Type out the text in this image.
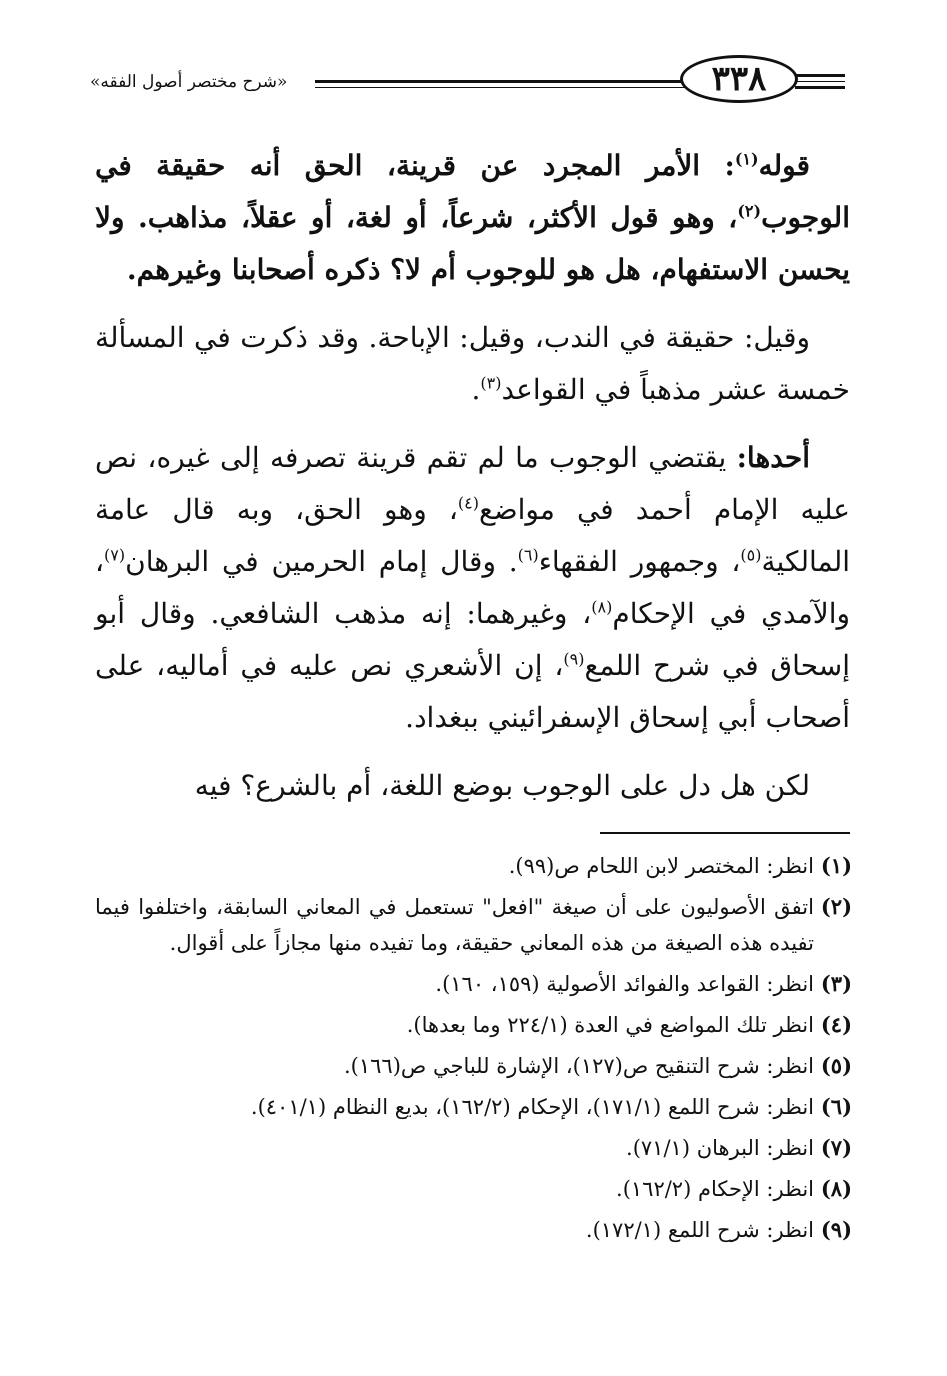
«شرح مختصر أصول الفقه»	٣٣٨

قوله$^{(١)}$: الأمر المجرد عن قرينة، الحق أنه حقيقة في الوجوب$^{(٢)}$، وهو قول الأكثر، شرعاً، أو لغة، أو عقلاً، مذاهب. ولا يحسن الاستفهام، هل هو للوجوب أم لا؟ ذكره أصحابنا وغيرهم.

وقيل: حقيقة في الندب، وقيل: الإباحة. وقد ذكرت في المسألة خمسة عشر مذهباً في القواعد$^{(٣)}$.

أحدها: يقتضي الوجوب ما لم تقم قرينة تصرفه إلى غيره، نص عليه الإمام أحمد في مواضع$^{(٤)}$، وهو الحق، وبه قال عامة المالكية$^{(٥)}$، وجمهور الفقهاء$^{(٦)}$. وقال إمام الحرمين في البرهان$^{(٧)}$، والآمدي في الإحكام$^{(٨)}$، وغيرهما: إنه مذهب الشافعي. وقال أبو إسحاق في شرح اللمع$^{(٩)}$، إن الأشعري نص عليه في أماليه، على أصحاب أبي إسحاق الإسفرائيني ببغداد.

لكن هل دل على الوجوب بوضع اللغة، أم بالشرع؟ فيه

(١)
انظر: المختصر لابن اللحام ص(٩٩).
(٢)
اتفق الأصوليون على أن صيغة "افعل" تستعمل في المعاني السابقة، واختلفوا فيما تفيده هذه الصيغة من هذه المعاني حقيقة، وما تفيده منها مجازاً على أقوال.
(٣)
انظر: القواعد والفوائد الأصولية (١٥٩، ١٦٠).
(٤)
انظر تلك المواضع في العدة (٢٢٤/١ وما بعدها).
(٥)
انظر: شرح التنقيح ص(١٢٧)، الإشارة للباجي ص(١٦٦).
(٦)
انظر: شرح اللمع (١٧١/١)، الإحكام (١٦٢/٢)، بديع النظام (٤٠١/١).
(٧)
انظر: البرهان (٧١/١).
(٨)
انظر: الإحكام (١٦٢/٢).
(٩)
انظر: شرح اللمع (١٧٢/١).
